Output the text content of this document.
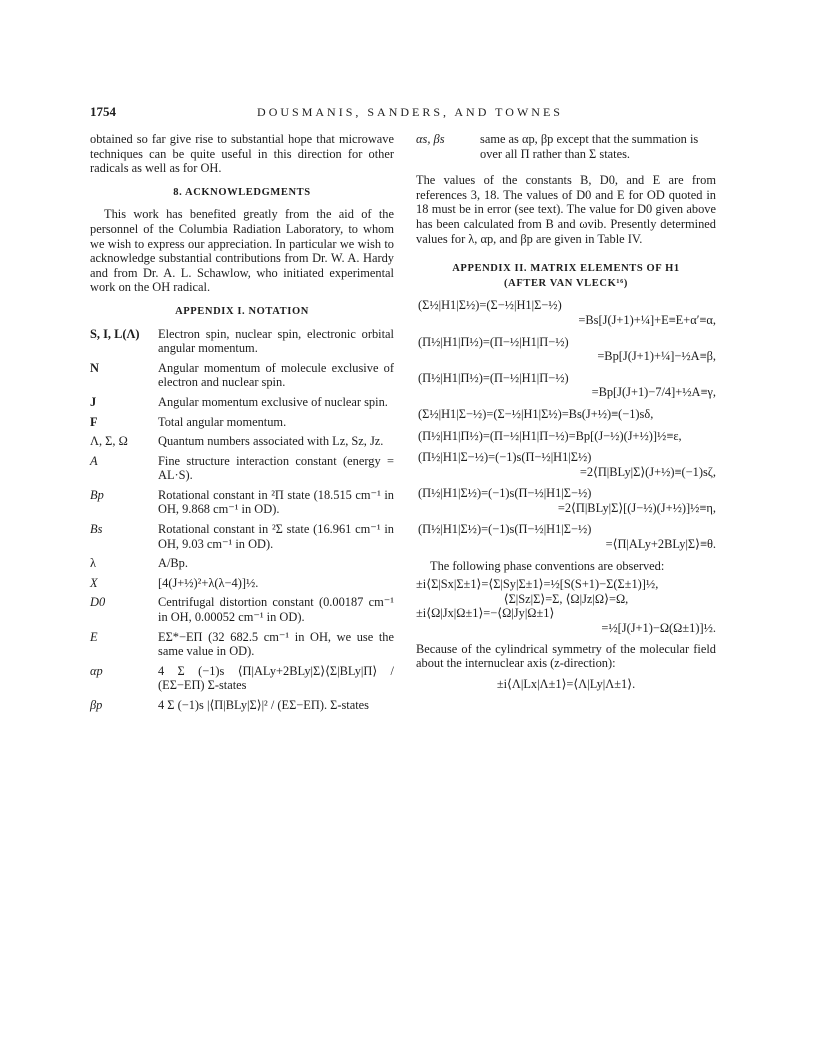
1754	DOUSMANIS, SANDERS, AND TOWNES

obtained so far give rise to substantial hope that microwave techniques can be quite useful in this direction for other radicals as well as for OH.

8. ACKNOWLEDGMENTS

This work has benefited greatly from the aid of the personnel of the Columbia Radiation Laboratory, to whom we wish to express our appreciation. In particular we wish to acknowledge substantial contributions from Dr. W. A. Hardy and from Dr. A. L. Schawlow, who initiated experimental work on the OH radical.

APPENDIX I. NOTATION
S, I, L(Λ)	Electron spin, nuclear spin, electronic orbital angular momentum.
N	Angular momentum of molecule exclusive of electron and nuclear spin.
J	Angular momentum exclusive of nuclear spin.
F	Total angular momentum.
Λ, Σ, Ω	Quantum numbers associated with Lz, Sz, Jz.
A	Fine structure interaction constant (energy = AL·S).
Bp	Rotational constant in ²Π state (18.515 cm⁻¹ in OH, 9.868 cm⁻¹ in OD).
Bs	Rotational constant in ²Σ state (16.961 cm⁻¹ in OH, 9.03 cm⁻¹ in OD).
λ	A/Bp.
X	[4(J+½)²+λ(λ−4)]½.
D0	Centrifugal distortion constant (0.00187 cm⁻¹ in OH, 0.00052 cm⁻¹ in OD).
E	EΣ*−EΠ (32 682.5 cm⁻¹ in OH, we use the same value in OD).
αp	4 Σ (−1)s ⟨Π|ALy+2BLy|Σ⟩⟨Σ|BLy|Π⟩ / (EΣ−EΠ) Σ-states
βp	4 Σ (−1)s |⟨Π|BLy|Σ⟩|² / (EΣ−EΠ). Σ-states
αs, βs	same as αp, βp except that the summation is over all Π rather than Σ states.

The values of the constants B, D0, and E are from references 3, 18. The values of D0 and E for OD quoted in 18 must be in error (see text). The value for D0 given above has been calculated from B and ωvib. Presently determined values for λ, αp, and βp are given in Table IV.

APPENDIX II. MATRIX ELEMENTS OF H1
(AFTER VAN VLECK¹⁶)
(Σ½|H1|Σ½)=(Σ−½|H1|Σ−½)
=Bs[J(J+1)+¼]+E≡E+α′≡α,
(Π½|H1|Π½)=(Π−½|H1|Π−½)
=Bp[J(J+1)+¼]−½A≡β,
(Π½|H1|Π½)=(Π−½|H1|Π−½)
=Bp[J(J+1)−7/4]+½A≡γ,
(Σ½|H1|Σ−½)=(Σ−½|H1|Σ½)=Bs(J+½)≡(−1)sδ,
(Π½|H1|Π½)=(Π−½|H1|Π−½)=Bp[(J−½)(J+½)]½≡ε,
(Π½|H1|Σ−½)=(−1)s(Π−½|H1|Σ½)
=2⟨Π|BLy|Σ⟩(J+½)≡(−1)sζ,
(Π½|H1|Σ½)=(−1)s(Π−½|H1|Σ−½)
=2⟨Π|BLy|Σ⟩[(J−½)(J+½)]½≡η,
(Π½|H1|Σ½)=(−1)s(Π−½|H1|Σ−½)
=⟨Π|ALy+2BLy|Σ⟩≡θ.

The following phase conventions are observed:

±i⟨Σ|Sx|Σ±1⟩=⟨Σ|Sy|Σ±1⟩=½[S(S+1)−Σ(Σ±1)]½,
⟨Σ|Sz|Σ⟩=Σ, ⟨Ω|Jz|Ω⟩=Ω,
±i⟨Ω|Jx|Ω±1⟩=−⟨Ω|Jy|Ω±1⟩
=½[J(J+1)−Ω(Ω±1)]½.

Because of the cylindrical symmetry of the molecular field about the internuclear axis (z-direction):

±i⟨Λ|Lx|Λ±1⟩=⟨Λ|Ly|Λ±1⟩.
